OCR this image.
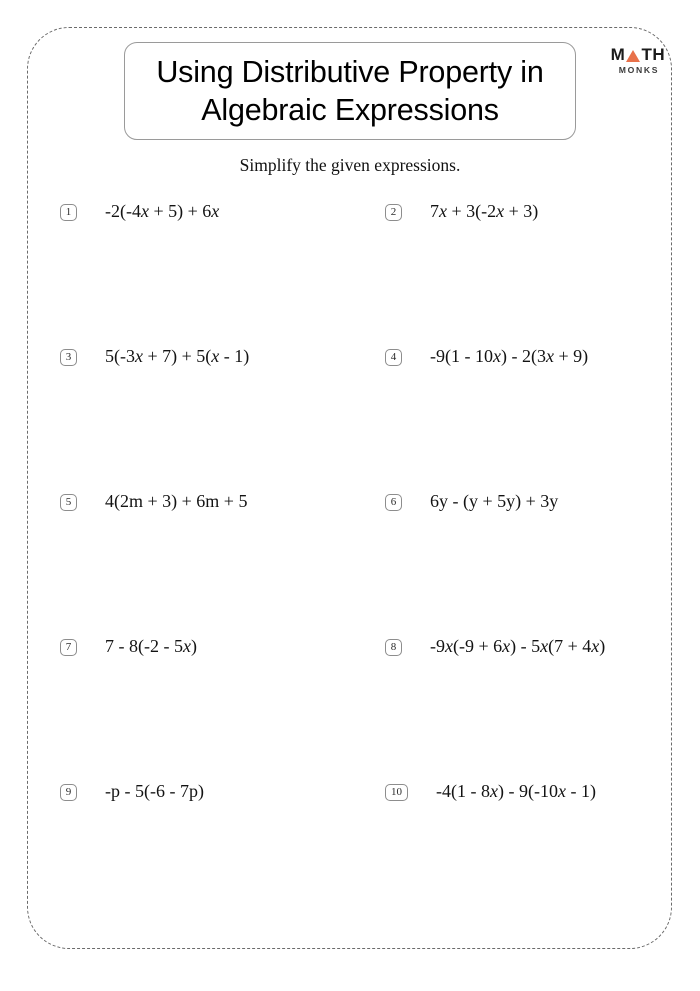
Using Distributive Property in Algebraic Expressions
M TH
MONKS
Simplify the given expressions.
1	-2(-4x + 5) + 6x	2	7x + 3(-2x + 3)
3	5(-3x + 7) + 5(x - 1)	4	-9(1 - 10x) - 2(3x + 9)
5	4(2m + 3) + 6m + 5	6	6y - (y + 5y) + 3y
7	7 - 8(-2 - 5x)	8	-9x(-9 + 6x) - 5x(7 + 4x)
9	-p - 5(-6 - 7p)	10	-4(1 - 8x) - 9(-10x - 1)
